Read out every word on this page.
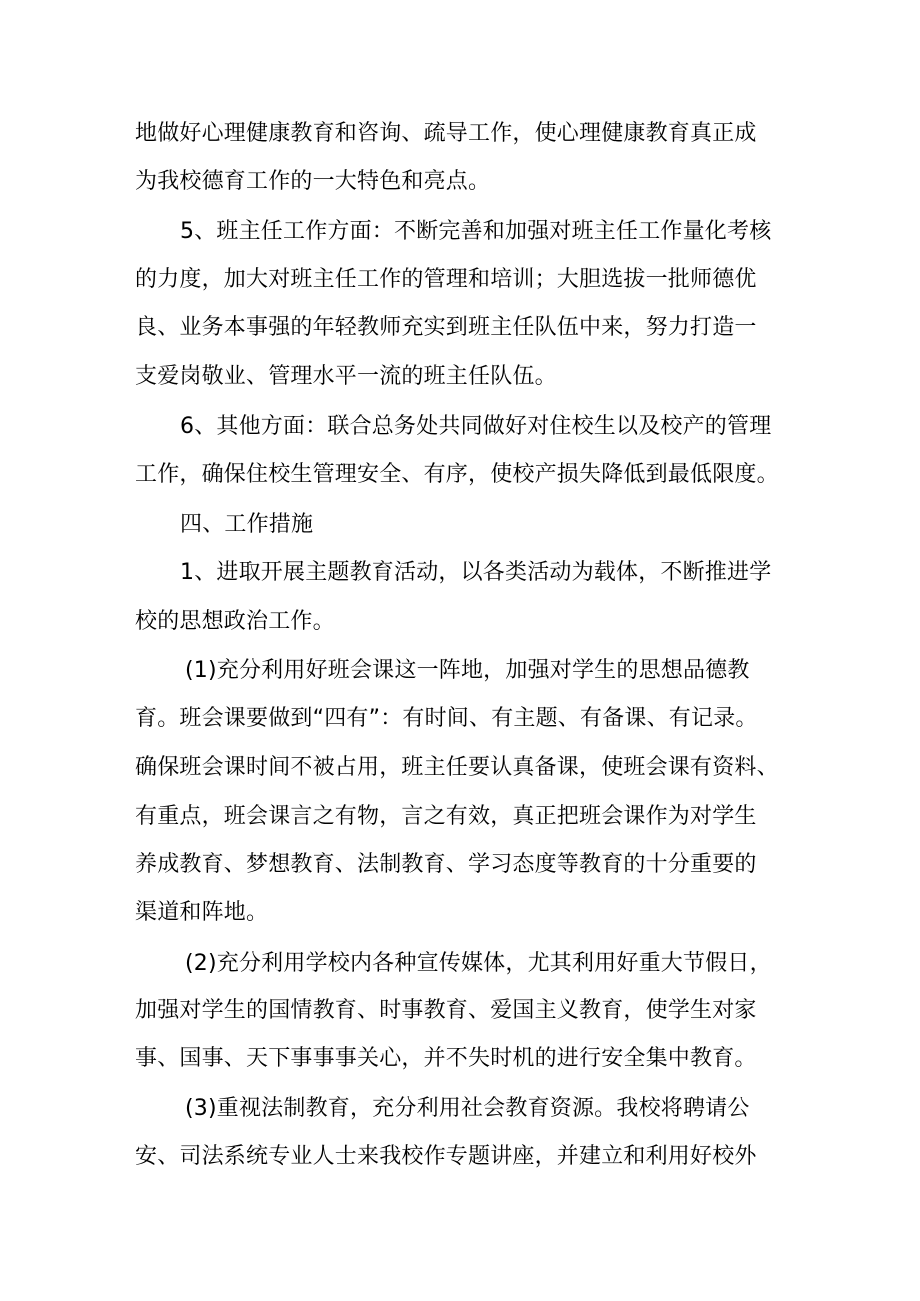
地做好心理健康教育和咨询、疏导工作，使心理健康教育真正成
为我校德育工作的一大特色和亮点。
5、班主任工作方面：不断完善和加强对班主任工作量化考核
的力度，加大对班主任工作的管理和培训；大胆选拔一批师德优
良、业务本事强的年轻教师充实到班主任队伍中来，努力打造一
支爱岗敬业、管理水平一流的班主任队伍。
6、其他方面：联合总务处共同做好对住校生以及校产的管理
工作，确保住校生管理安全、有序，使校产损失降低到最低限度。
四、工作措施
1、进取开展主题教育活动，以各类活动为载体，不断推进学
校的思想政治工作。
(1)充分利用好班会课这一阵地，加强对学生的思想品德教
育。班会课要做到“四有”：有时间、有主题、有备课、有记录。
确保班会课时间不被占用，班主任要认真备课，使班会课有资料、
有重点，班会课言之有物，言之有效，真正把班会课作为对学生
养成教育、梦想教育、法制教育、学习态度等教育的十分重要的
渠道和阵地。
(2)充分利用学校内各种宣传媒体，尤其利用好重大节假日，
加强对学生的国情教育、时事教育、爱国主义教育，使学生对家
事、国事、天下事事事关心，并不失时机的进行安全集中教育。
(3)重视法制教育，充分利用社会教育资源。我校将聘请公
安、司法系统专业人士来我校作专题讲座，并建立和利用好校外
